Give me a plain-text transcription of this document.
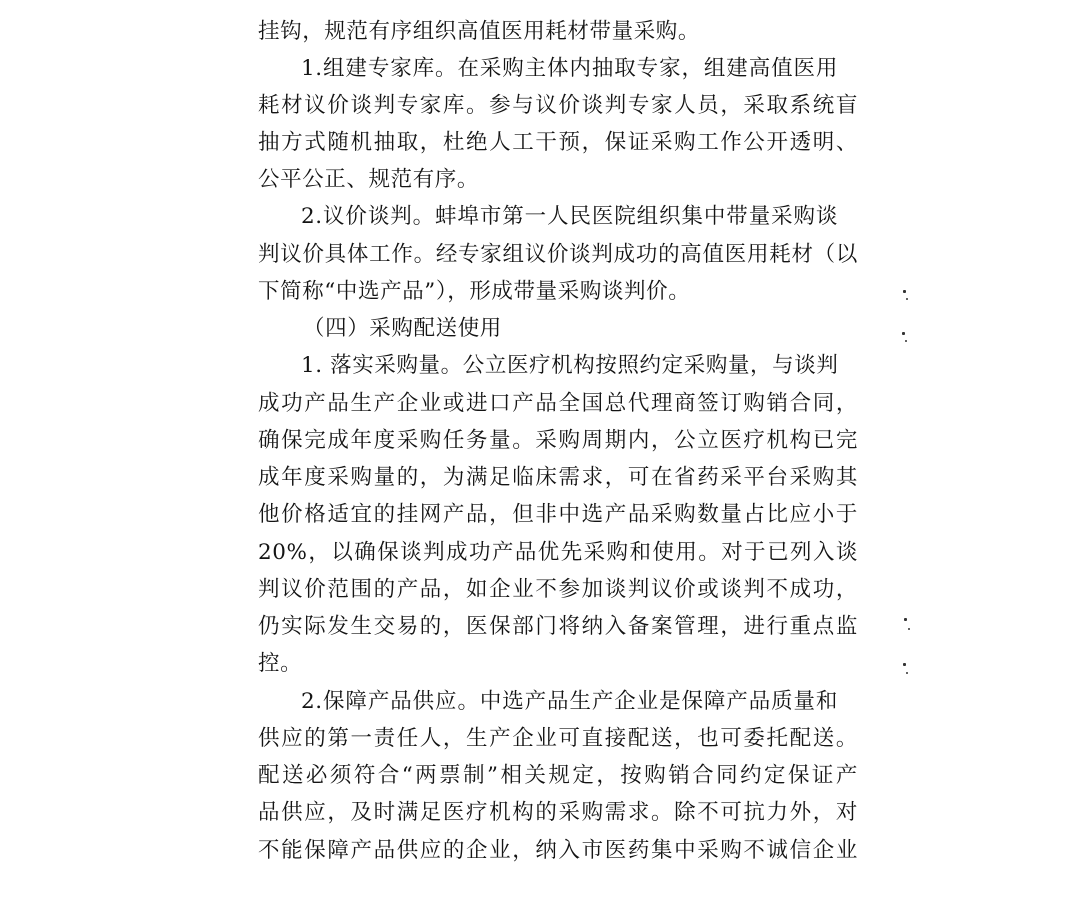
挂钩，规范有序组织高值医用耗材带量采购。
1.组建专家库。在采购主体内抽取专家，组建高值医用
耗材议价谈判专家库。参与议价谈判专家人员，采取系统盲
抽方式随机抽取，杜绝人工干预，保证采购工作公开透明、
公平公正、规范有序。
2.议价谈判。蚌埠市第一人民医院组织集中带量采购谈
判议价具体工作。经专家组议价谈判成功的高值医用耗材（以
下简称“中选产品”），形成带量采购谈判价。
（四）采购配送使用
1. 落实采购量。公立医疗机构按照约定采购量，与谈判
成功产品生产企业或进口产品全国总代理商签订购销合同，
确保完成年度采购任务量。采购周期内，公立医疗机构已完
成年度采购量的，为满足临床需求，可在省药采平台采购其
他价格适宜的挂网产品，但非中选产品采购数量占比应小于
20%，以确保谈判成功产品优先采购和使用。对于已列入谈
判议价范围的产品，如企业不参加谈判议价或谈判不成功，
仍实际发生交易的，医保部门将纳入备案管理，进行重点监
控。
2.保障产品供应。中选产品生产企业是保障产品质量和
供应的第一责任人，生产企业可直接配送，也可委托配送。
配送必须符合“两票制”相关规定，按购销合同约定保证产
品供应，及时满足医疗机构的采购需求。除不可抗力外，对
不能保障产品供应的企业，纳入市医药集中采购不诚信企业
